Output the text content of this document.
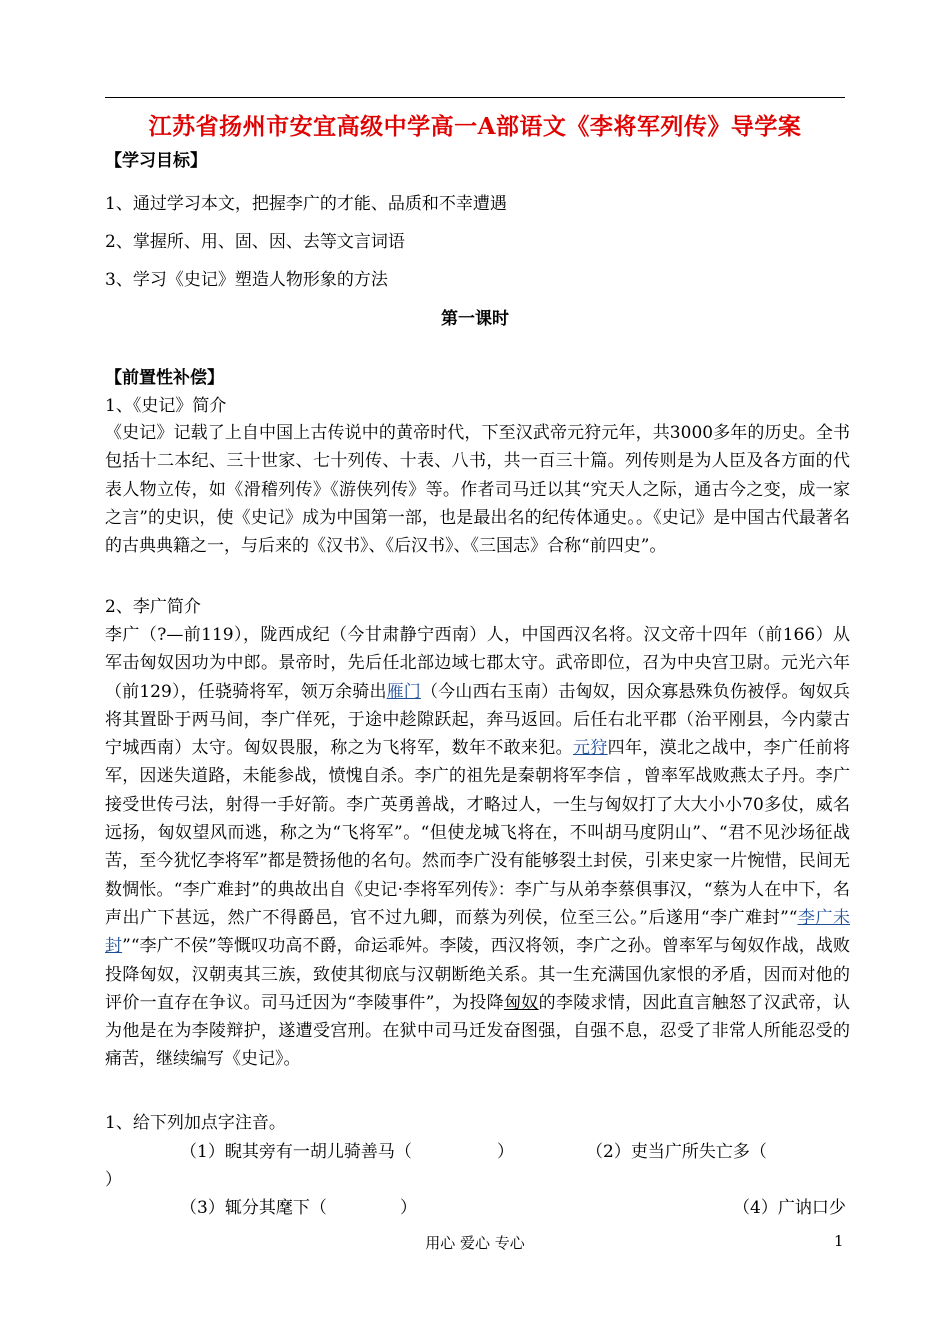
江苏省扬州市安宜高级中学高一A部语文《李将军列传》导学案
【学习目标】
1、通过学习本文，把握李广的才能、品质和不幸遭遇
2、掌握所、用、固、因、去等文言词语
3、学习《史记》塑造人物形象的方法
第一课时
【前置性补偿】
1、《史记》简介

《史记》记载了上自中国上古传说中的黄帝时代，下至汉武帝元狩元年，共3000多年的历史。全书包括十二本纪、三十世家、七十列传、十表、八书，共一百三十篇。列传则是为人臣及各方面的代表人物立传，如《滑稽列传》《游侠列传》等。作者司马迁以其“究天人之际，通古今之变，成一家之言”的史识，使《史记》成为中国第一部，也是最出名的纪传体通史。。《史记》是中国古代最著名的古典典籍之一，与后来的《汉书》、《后汉书》、《三国志》合称“前四史”。

2、李广简介

李广（?—前119），陇西成纪（今甘肃静宁西南）人，中国西汉名将。汉文帝十四年（前166）从军击匈奴因功为中郎。景帝时，先后任北部边域七郡太守。武帝即位，召为中央宫卫尉。元光六年（前129），任骁骑将军，领万余骑出雁门（今山西右玉南）击匈奴，因众寡悬殊负伤被俘。匈奴兵将其置卧于两马间，李广佯死，于途中趁隙跃起，奔马返回。后任右北平郡（治平刚县，今内蒙古宁城西南）太守。匈奴畏服，称之为飞将军，数年不敢来犯。元狩四年，漠北之战中，李广任前将军，因迷失道路，未能参战，愤愧自杀。李广的祖先是秦朝将军李信 ，曾率军战败燕太子丹。李广接受世传弓法，射得一手好箭。李广英勇善战，才略过人，一生与匈奴打了大大小小70多仗，威名远扬，匈奴望风而逃，称之为“飞将军”。“但使龙城飞将在，不叫胡马度阴山”、“君不见沙场征战苦，至今犹忆李将军”都是赞扬他的名句。然而李广没有能够裂土封侯，引来史家一片惋惜，民间无数惆怅。“李广难封”的典故出自《史记·李将军列传》：李广与从弟李蔡俱事汉，“蔡为人在中下，名声出广下甚远，然广不得爵邑，官不过九卿，而蔡为列侯，位至三公。”后遂用“李广难封”“李广未封”“李广不侯”等慨叹功高不爵，命运乖舛。李陵，西汉将领，李广之孙。曾率军与匈奴作战，战败投降匈奴，汉朝夷其三族，致使其彻底与汉朝断绝关系。其一生充满国仇家恨的矛盾，因而对他的评价一直存在争议。司马迁因为“李陵事件”，为投降匈奴的李陵求情，因此直言触怒了汉武帝，认为他是在为李陵辩护，遂遭受宫刑。在狱中司马迁发奋图强，自强不息，忍受了非常人所能忍受的痛苦，继续编写《史记》。

1、给下列加点字注音。
（1）睨其旁有一胡儿骑善马（	）	（2）吏当广所失亡多（
）
（3）辄分其麾下（	）	（4）广讷口少
用心 爱心 专心	1
